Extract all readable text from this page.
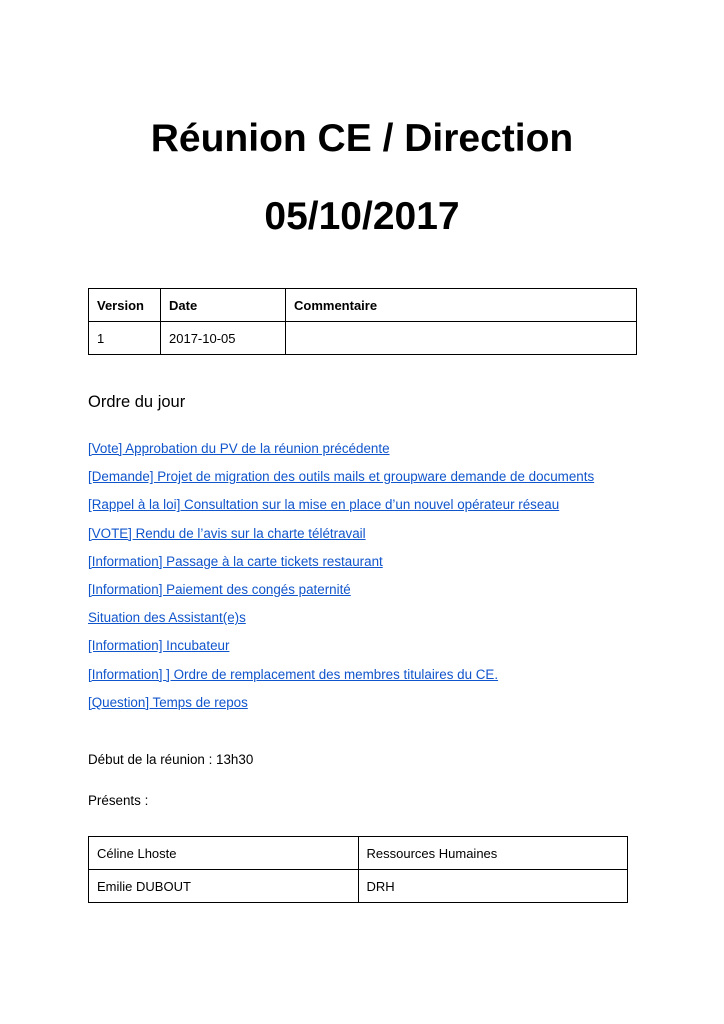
Réunion CE / Direction
05/10/2017
Version	Date	Commentaire
1	2017-10-05	
Ordre du jour
[Vote] Approbation du PV de la réunion précédente
[Demande] Projet de migration des outils mails et groupware demande de documents
[Rappel à la loi] Consultation sur la mise en place d’un nouvel opérateur réseau
[VOTE] Rendu de l’avis sur la charte télétravail
[Information] Passage à la carte tickets restaurant
[Information] Paiement des congés paternité
Situation des Assistant(e)s
[Information] Incubateur
[Information] ] Ordre de remplacement des membres titulaires du CE.
[Question] Temps de repos

Début de la réunion : 13h30

Présents :

Céline Lhoste	Ressources Humaines
Emilie DUBOUT	DRH
